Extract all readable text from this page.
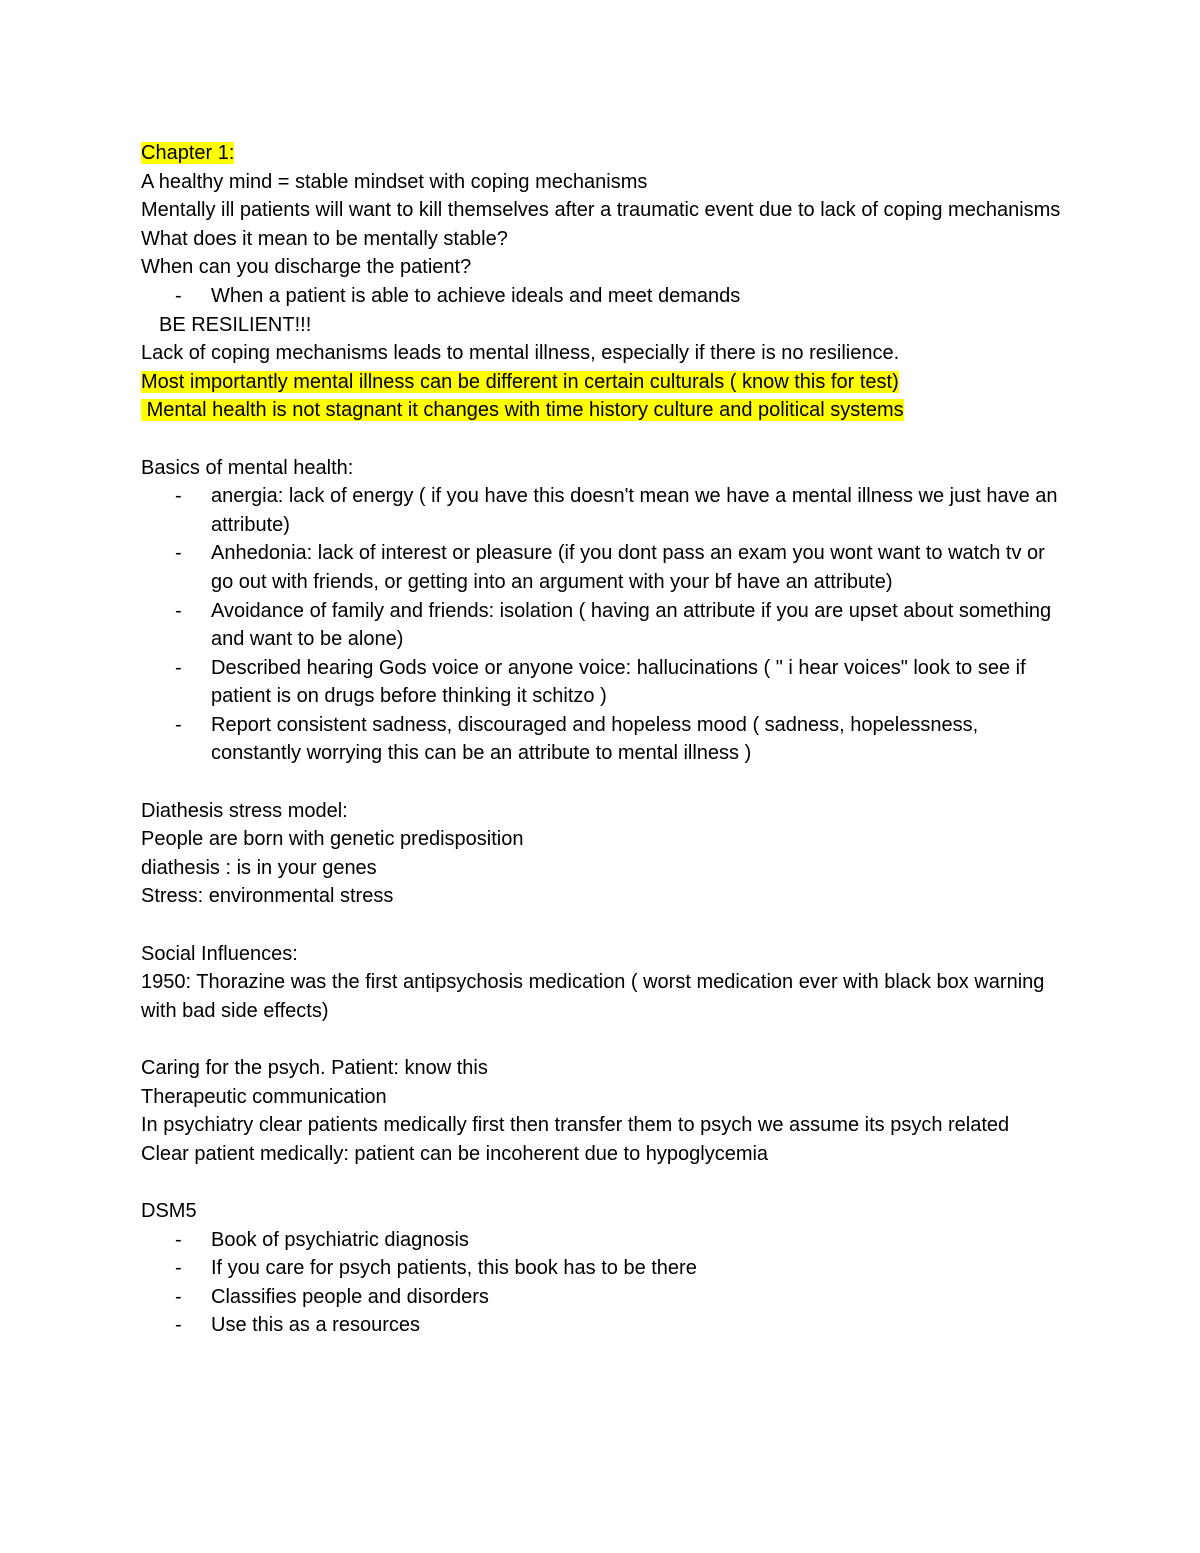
Chapter 1:
A healthy mind = stable mindset with coping mechanisms
Mentally ill patients will want to kill themselves after a traumatic event due to lack of coping mechanisms
What does it mean to be mentally stable?
When can you discharge the patient?
- When a patient is able to achieve ideals and meet demands
BE RESILIENT!!!
Lack of coping mechanisms leads to mental illness, especially if there is no resilience.
Most importantly mental illness can be different in certain culturals ( know this for test)
Mental health is not stagnant it changes with time history culture and political systems
Basics of mental health:
- anergia: lack of energy ( if you have this doesn't mean we have a mental illness we just have an attribute)
- Anhedonia: lack of interest or pleasure (if you dont pass an exam you wont want to watch tv or go out with friends, or getting into an argument with your bf have an attribute)
- Avoidance of family and friends: isolation ( having an attribute if you are upset about something and want to be alone)
- Described hearing Gods voice or anyone voice: hallucinations ( " i hear voices" look to see if patient is on drugs before thinking it schitzo )
- Report consistent sadness, discouraged and hopeless mood ( sadness, hopelessness, constantly worrying this can be an attribute to mental illness )
Diathesis stress model:
People are born with genetic predisposition
diathesis : is in your genes
Stress: environmental stress
Social Influences:
1950: Thorazine was the first antipsychosis medication ( worst medication ever with black box warning with bad side effects)
Caring for the psych. Patient: know this
Therapeutic communication
In psychiatry clear patients medically first then transfer them to psych we assume its psych related
Clear patient medically: patient can be incoherent due to hypoglycemia
DSM5
- Book of psychiatric diagnosis
- If you care for psych patients, this book has to be there
- Classifies people and disorders
- Use this as a resources
